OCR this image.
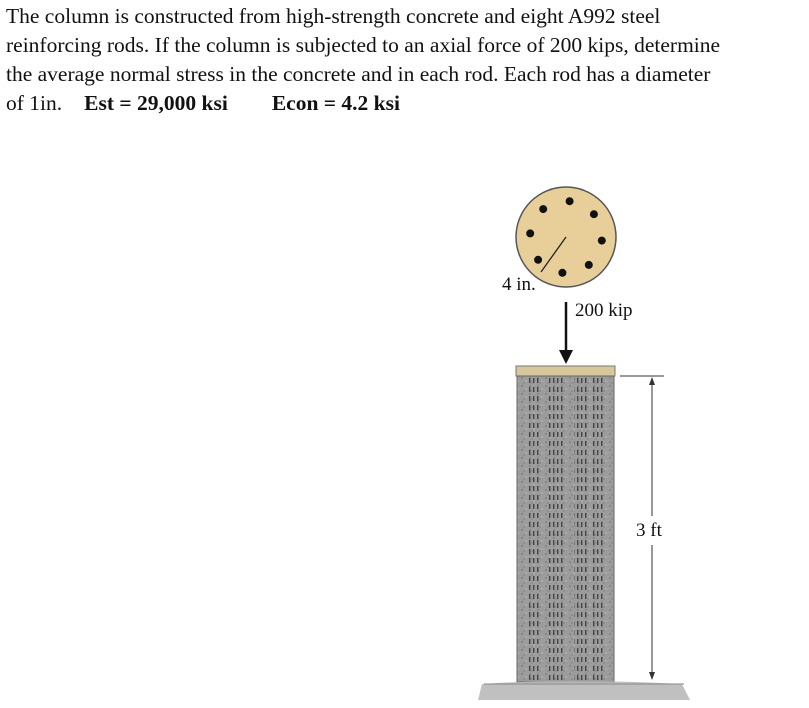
The column is constructed from high-strength concrete and eight A992 steel
reinforcing rods. If the column is subjected to an axial force of 200 kips, determine
the average normal stress in the concrete and in each rod. Each rod has a diameter
of 1in. Est = 29,000 ksi Econ = 4.2 ksi

4 in.
200 kip
3 ft
